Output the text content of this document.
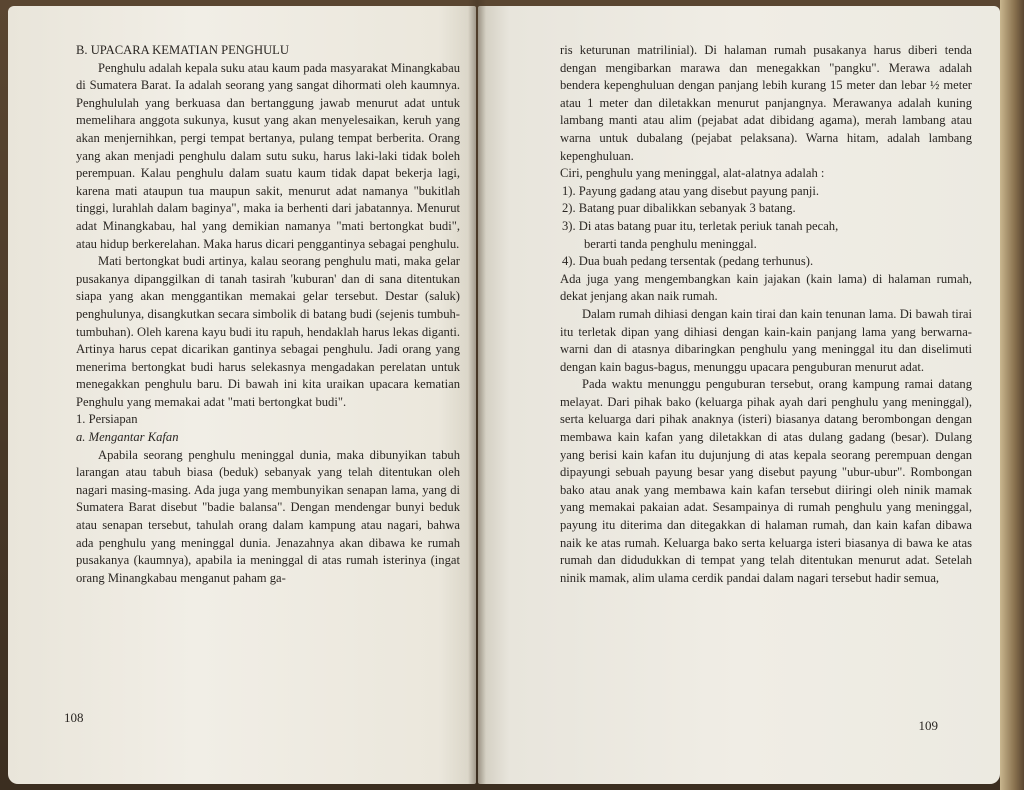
B. UPACARA KEMATIAN PENGHULU

Penghulu adalah kepala suku atau kaum pada masyarakat Minangkabau di Sumatera Barat. Ia adalah seorang yang sangat dihormati oleh kaumnya. Penghululah yang berkuasa dan bertanggung jawab menurut adat untuk memelihara anggota sukunya, kusut yang akan menyelesaikan, keruh yang akan menjernihkan, pergi tempat bertanya, pulang tempat berberita. Orang yang akan menjadi penghulu dalam sutu suku, harus laki-laki tidak boleh perempuan. Kalau penghulu dalam suatu kaum tidak dapat bekerja lagi, karena mati ataupun tua maupun sakit, menurut adat namanya "bukitlah tinggi, lurahlah dalam baginya", maka ia berhenti dari jabatannya. Menurut adat Minangkabau, hal yang demikian namanya "mati bertongkat budi", atau hidup berkerelahan. Maka harus dicari penggantinya sebagai penghulu.

Mati bertongkat budi artinya, kalau seorang penghulu mati, maka gelar pusakanya dipanggilkan di tanah tasirah 'kuburan' dan di sana ditentukan siapa yang akan menggantikan memakai gelar tersebut. Destar (saluk) penghulunya, disangkutkan secara simbolik di batang budi (sejenis tumbuh-tumbuhan). Oleh karena kayu budi itu rapuh, hendaklah harus lekas diganti. Artinya harus cepat dicarikan gantinya sebagai penghulu. Jadi orang yang menerima bertongkat budi harus selekasnya mengadakan perelatan untuk menegakkan penghulu baru. Di bawah ini kita uraikan upacara kematian Penghulu yang memakai adat "mati bertongkat budi".

1. Persiapan

a. Mengantar Kafan

Apabila seorang penghulu meninggal dunia, maka dibunyikan tabuh larangan atau tabuh biasa (beduk) sebanyak yang telah ditentukan oleh nagari masing-masing. Ada juga yang membunyikan senapan lama, yang di Sumatera Barat disebut "badie balansa". Dengan mendengar bunyi beduk atau senapan tersebut, tahulah orang dalam kampung atau nagari, bahwa ada penghulu yang meninggal dunia. Jenazahnya akan dibawa ke rumah pusakanya (kaumnya), apabila ia meninggal di atas rumah isterinya (ingat orang Minangkabau menganut paham ga-

108

ris keturunan matrilinial). Di halaman rumah pusakanya harus diberi tenda dengan mengibarkan marawa dan menegakkan "pangku". Merawa adalah bendera kepenghuluan dengan panjang lebih kurang 15 meter dan lebar ½ meter atau 1 meter dan diletakkan menurut panjangnya. Merawanya adalah kuning lambang manti atau alim (pejabat adat dibidang agama), merah lambang atau warna untuk dubalang (pejabat pelaksana). Warna hitam, adalah lambang kepenghuluan.

Ciri, penghulu yang meninggal, alat-alatnya adalah :

1). Payung gadang atau yang disebut payung panji.

2). Batang puar dibalikkan sebanyak 3 batang.

3). Di atas batang puar itu, terletak periuk tanah pecah,

berarti tanda penghulu meninggal.

4). Dua buah pedang tersentak (pedang terhunus).

Ada juga yang mengembangkan kain jajakan (kain lama) di halaman rumah, dekat jenjang akan naik rumah.

Dalam rumah dihiasi dengan kain tirai dan kain tenunan lama. Di bawah tirai itu terletak dipan yang dihiasi dengan kain-kain panjang lama yang berwarna-warni dan di atasnya dibaringkan penghulu yang meninggal itu dan diselimuti dengan kain bagus-bagus, menunggu upacara penguburan menurut adat.

Pada waktu menunggu penguburan tersebut, orang kampung ramai datang melayat. Dari pihak bako (keluarga pihak ayah dari penghulu yang meninggal), serta keluarga dari pihak anaknya (isteri) biasanya datang berombongan dengan membawa kain kafan yang diletakkan di atas dulang gadang (besar). Dulang yang berisi kain kafan itu dujunjung di atas kepala seorang perempuan dengan dipayungi sebuah payung besar yang disebut payung "ubur-ubur". Rombongan bako atau anak yang membawa kain kafan tersebut diiringi oleh ninik mamak yang memakai pakaian adat. Sesampainya di rumah penghulu yang meninggal, payung itu diterima dan ditegakkan di halaman rumah, dan kain kafan dibawa naik ke atas rumah. Keluarga bako serta keluarga isteri biasanya di bawa ke atas rumah dan didudukkan di tempat yang telah ditentukan menurut adat. Setelah ninik mamak, alim ulama cerdik pandai dalam nagari tersebut hadir semua,

109
